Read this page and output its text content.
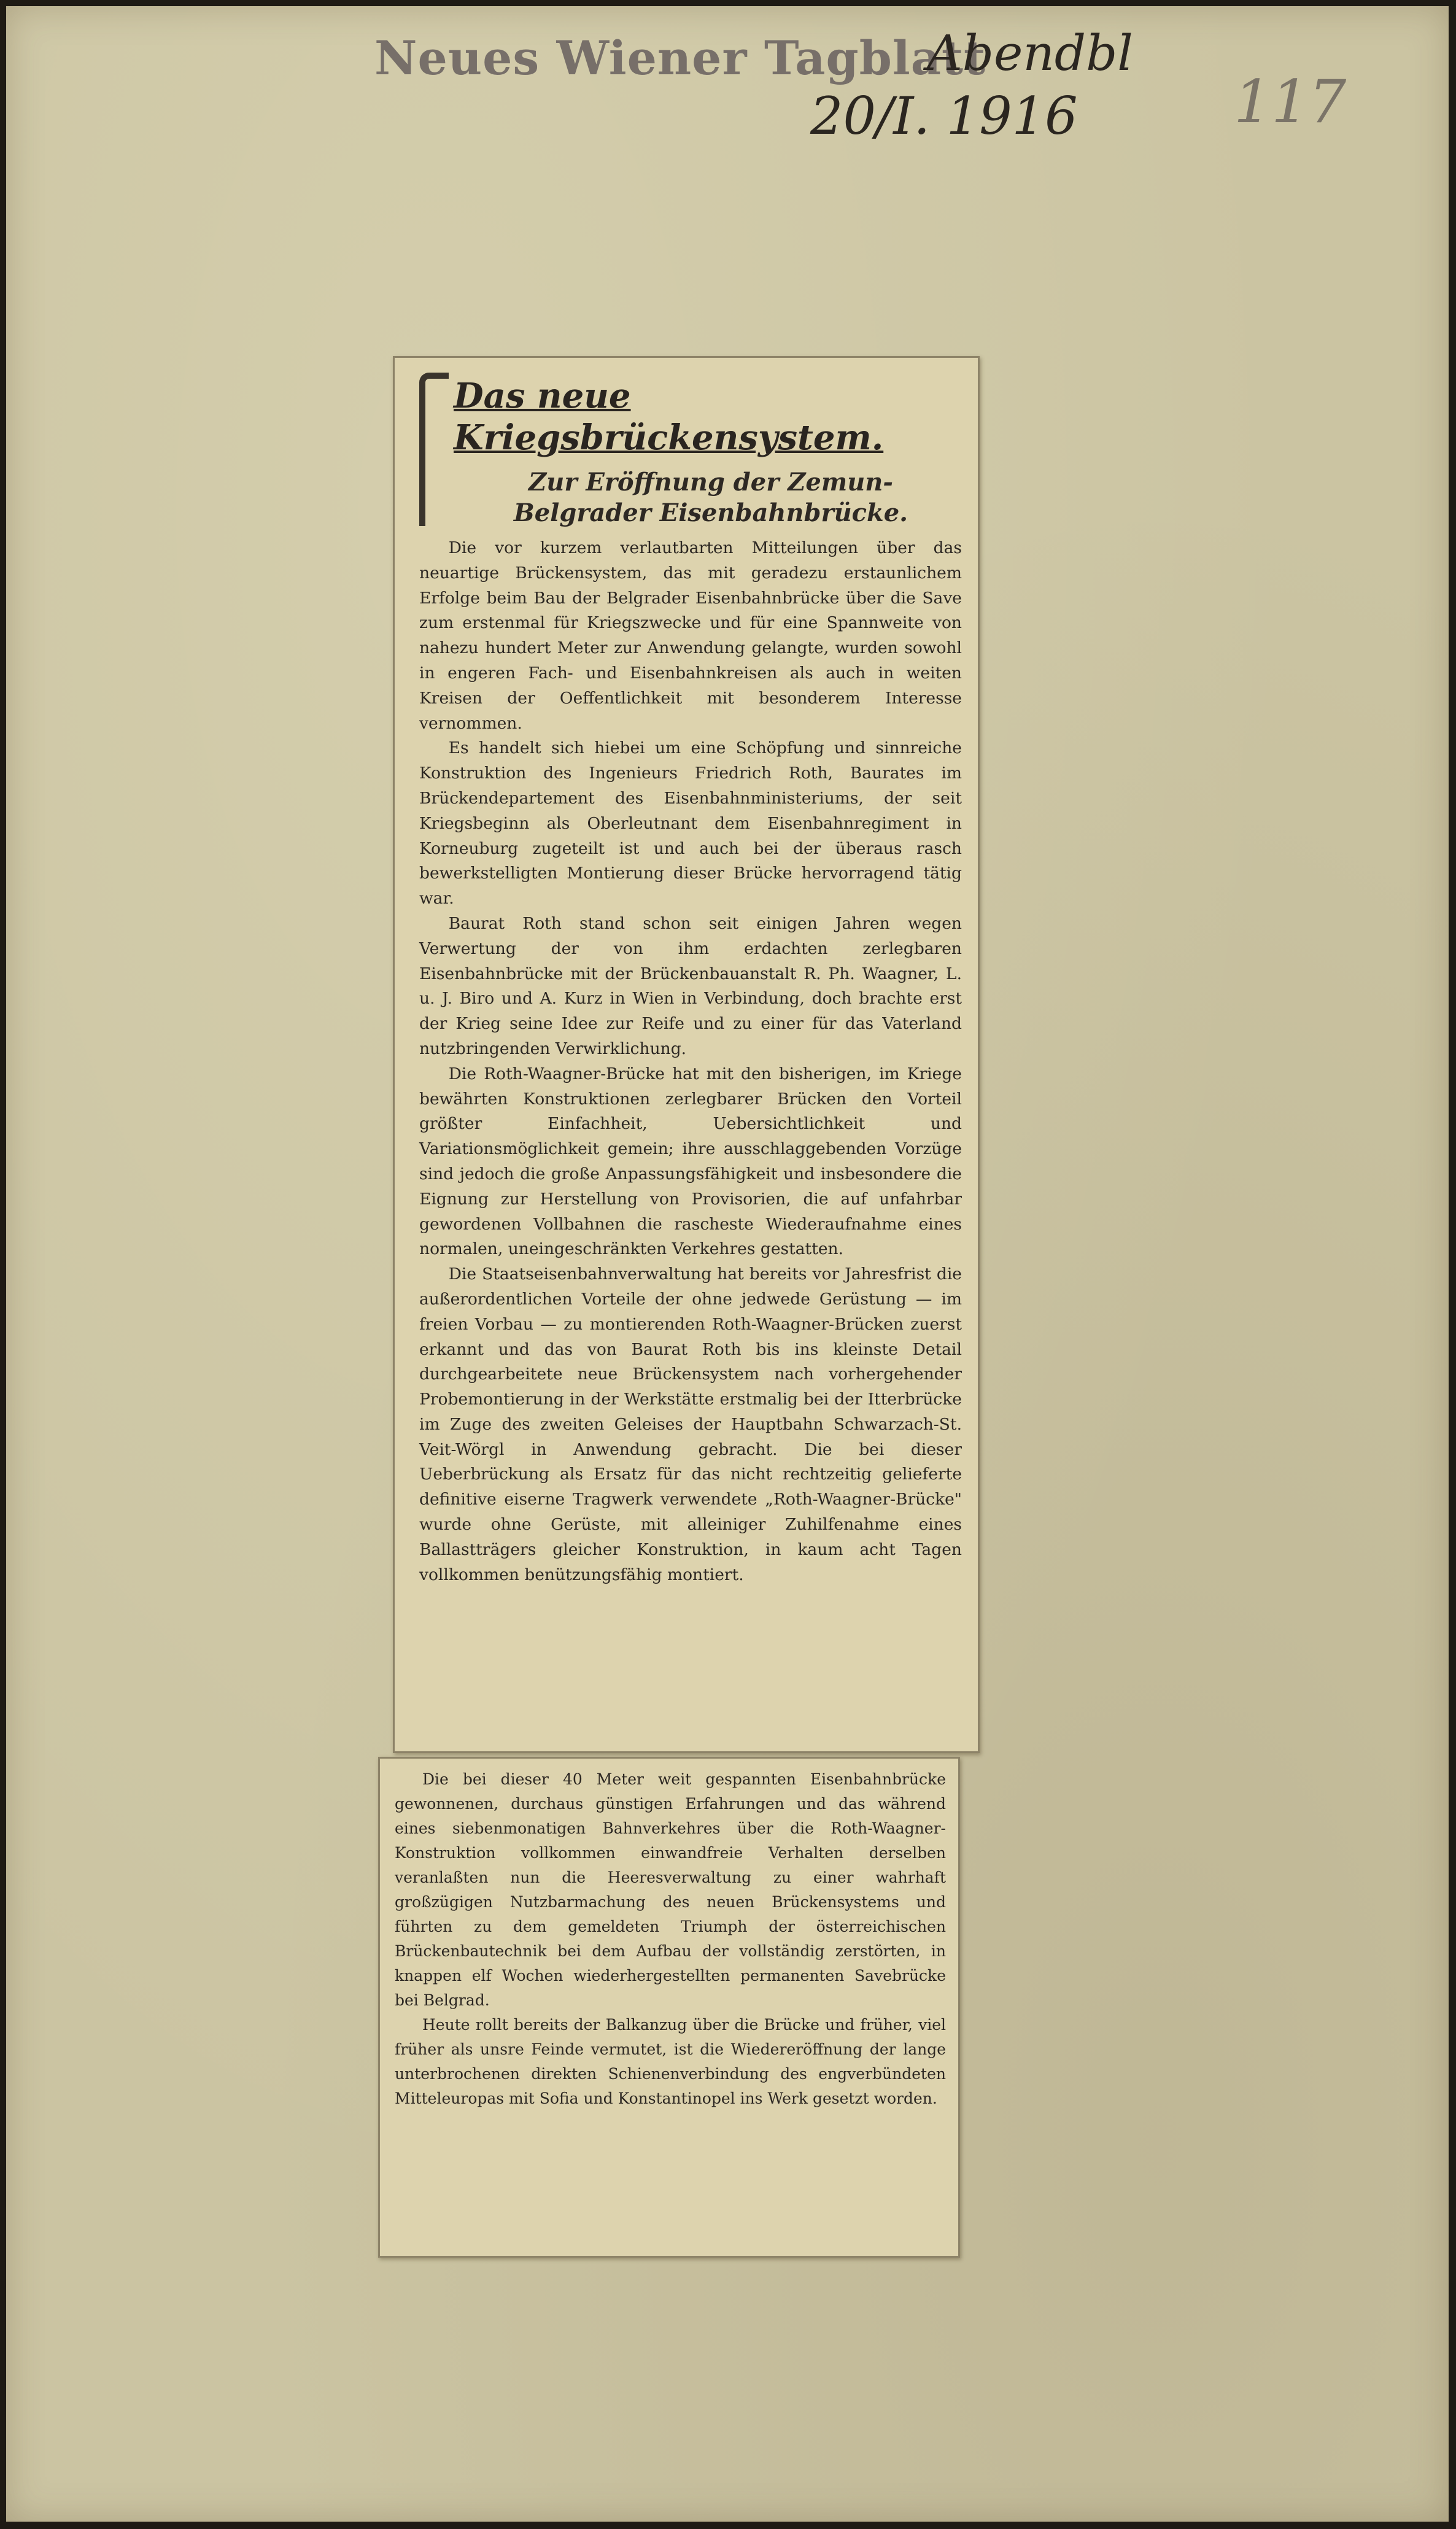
Neues Wiener Tagblatt
Abendbl
20/I. 1916	117
Das neue Kriegsbrückensystem.
Zur Eröffnung der Zemun-Belgrader Eisenbahnbrücke.

Die vor kurzem verlautbarten Mitteilungen über das neuartige Brückensystem, das mit geradezu erstaunlichem Erfolge beim Bau der Belgrader Eisenbahnbrücke über die Save zum erstenmal für Kriegszwecke und für eine Spannweite von nahezu hundert Meter zur Anwendung gelangte, wurden sowohl in engeren Fach- und Eisenbahnkreisen als auch in weiten Kreisen der Oeffentlichkeit mit besonderem Interesse vernommen.

Es handelt sich hiebei um eine Schöpfung und sinnreiche Konstruktion des Ingenieurs Friedrich Roth, Baurates im Brückendepartement des Eisenbahnministeriums, der seit Kriegsbeginn als Oberleutnant dem Eisenbahnregiment in Korneuburg zugeteilt ist und auch bei der überaus rasch bewerkstelligten Montierung dieser Brücke hervorragend tätig war.

Baurat Roth stand schon seit einigen Jahren wegen Verwertung der von ihm erdachten zerlegbaren Eisenbahnbrücke mit der Brückenbauanstalt R. Ph. Waagner, L. u. J. Biro und A. Kurz in Wien in Verbindung, doch brachte erst der Krieg seine Idee zur Reife und zu einer für das Vaterland nutzbringenden Verwirklichung.

Die Roth-Waagner-Brücke hat mit den bisherigen, im Kriege bewährten Konstruktionen zerlegbarer Brücken den Vorteil größter Einfachheit, Uebersichtlichkeit und Variationsmöglichkeit gemein; ihre ausschlaggebenden Vorzüge sind jedoch die große Anpassungsfähigkeit und insbesondere die Eignung zur Herstellung von Provisorien, die auf unfahrbar gewordenen Vollbahnen die rascheste Wiederaufnahme eines normalen, uneingeschränkten Verkehres gestatten.

Die Staatseisenbahnverwaltung hat bereits vor Jahresfrist die außerordentlichen Vorteile der ohne jedwede Gerüstung — im freien Vorbau — zu montierenden Roth-Waagner-Brücken zuerst erkannt und das von Baurat Roth bis ins kleinste Detail durchgearbeitete neue Brückensystem nach vorhergehender Probemontierung in der Werkstätte erstmalig bei der Itterbrücke im Zuge des zweiten Geleises der Hauptbahn Schwarzach-St. Veit-Wörgl in Anwendung gebracht. Die bei dieser Ueberbrückung als Ersatz für das nicht rechtzeitig gelieferte definitive eiserne Tragwerk verwendete „Roth-Waagner-Brücke" wurde ohne Gerüste, mit alleiniger Zuhilfenahme eines Ballastträgers gleicher Konstruktion, in kaum acht Tagen vollkommen benützungsfähig montiert.

Die bei dieser 40 Meter weit gespannten Eisenbahnbrücke gewonnenen, durchaus günstigen Erfahrungen und das während eines siebenmonatigen Bahnverkehres über die Roth-Waagner-Konstruktion vollkommen einwandfreie Verhalten derselben veranlaßten nun die Heeresverwaltung zu einer wahrhaft großzügigen Nutzbarmachung des neuen Brückensystems und führten zu dem gemeldeten Triumph der österreichischen Brückenbautechnik bei dem Aufbau der vollständig zerstörten, in knappen elf Wochen wiederhergestellten permanenten Savebrücke bei Belgrad.

Heute rollt bereits der Balkanzug über die Brücke und früher, viel früher als unsre Feinde vermutet, ist die Wiedereröffnung der lange unterbrochenen direkten Schienenverbindung des engverbündeten Mitteleuropas mit Sofia und Konstantinopel ins Werk gesetzt worden.
